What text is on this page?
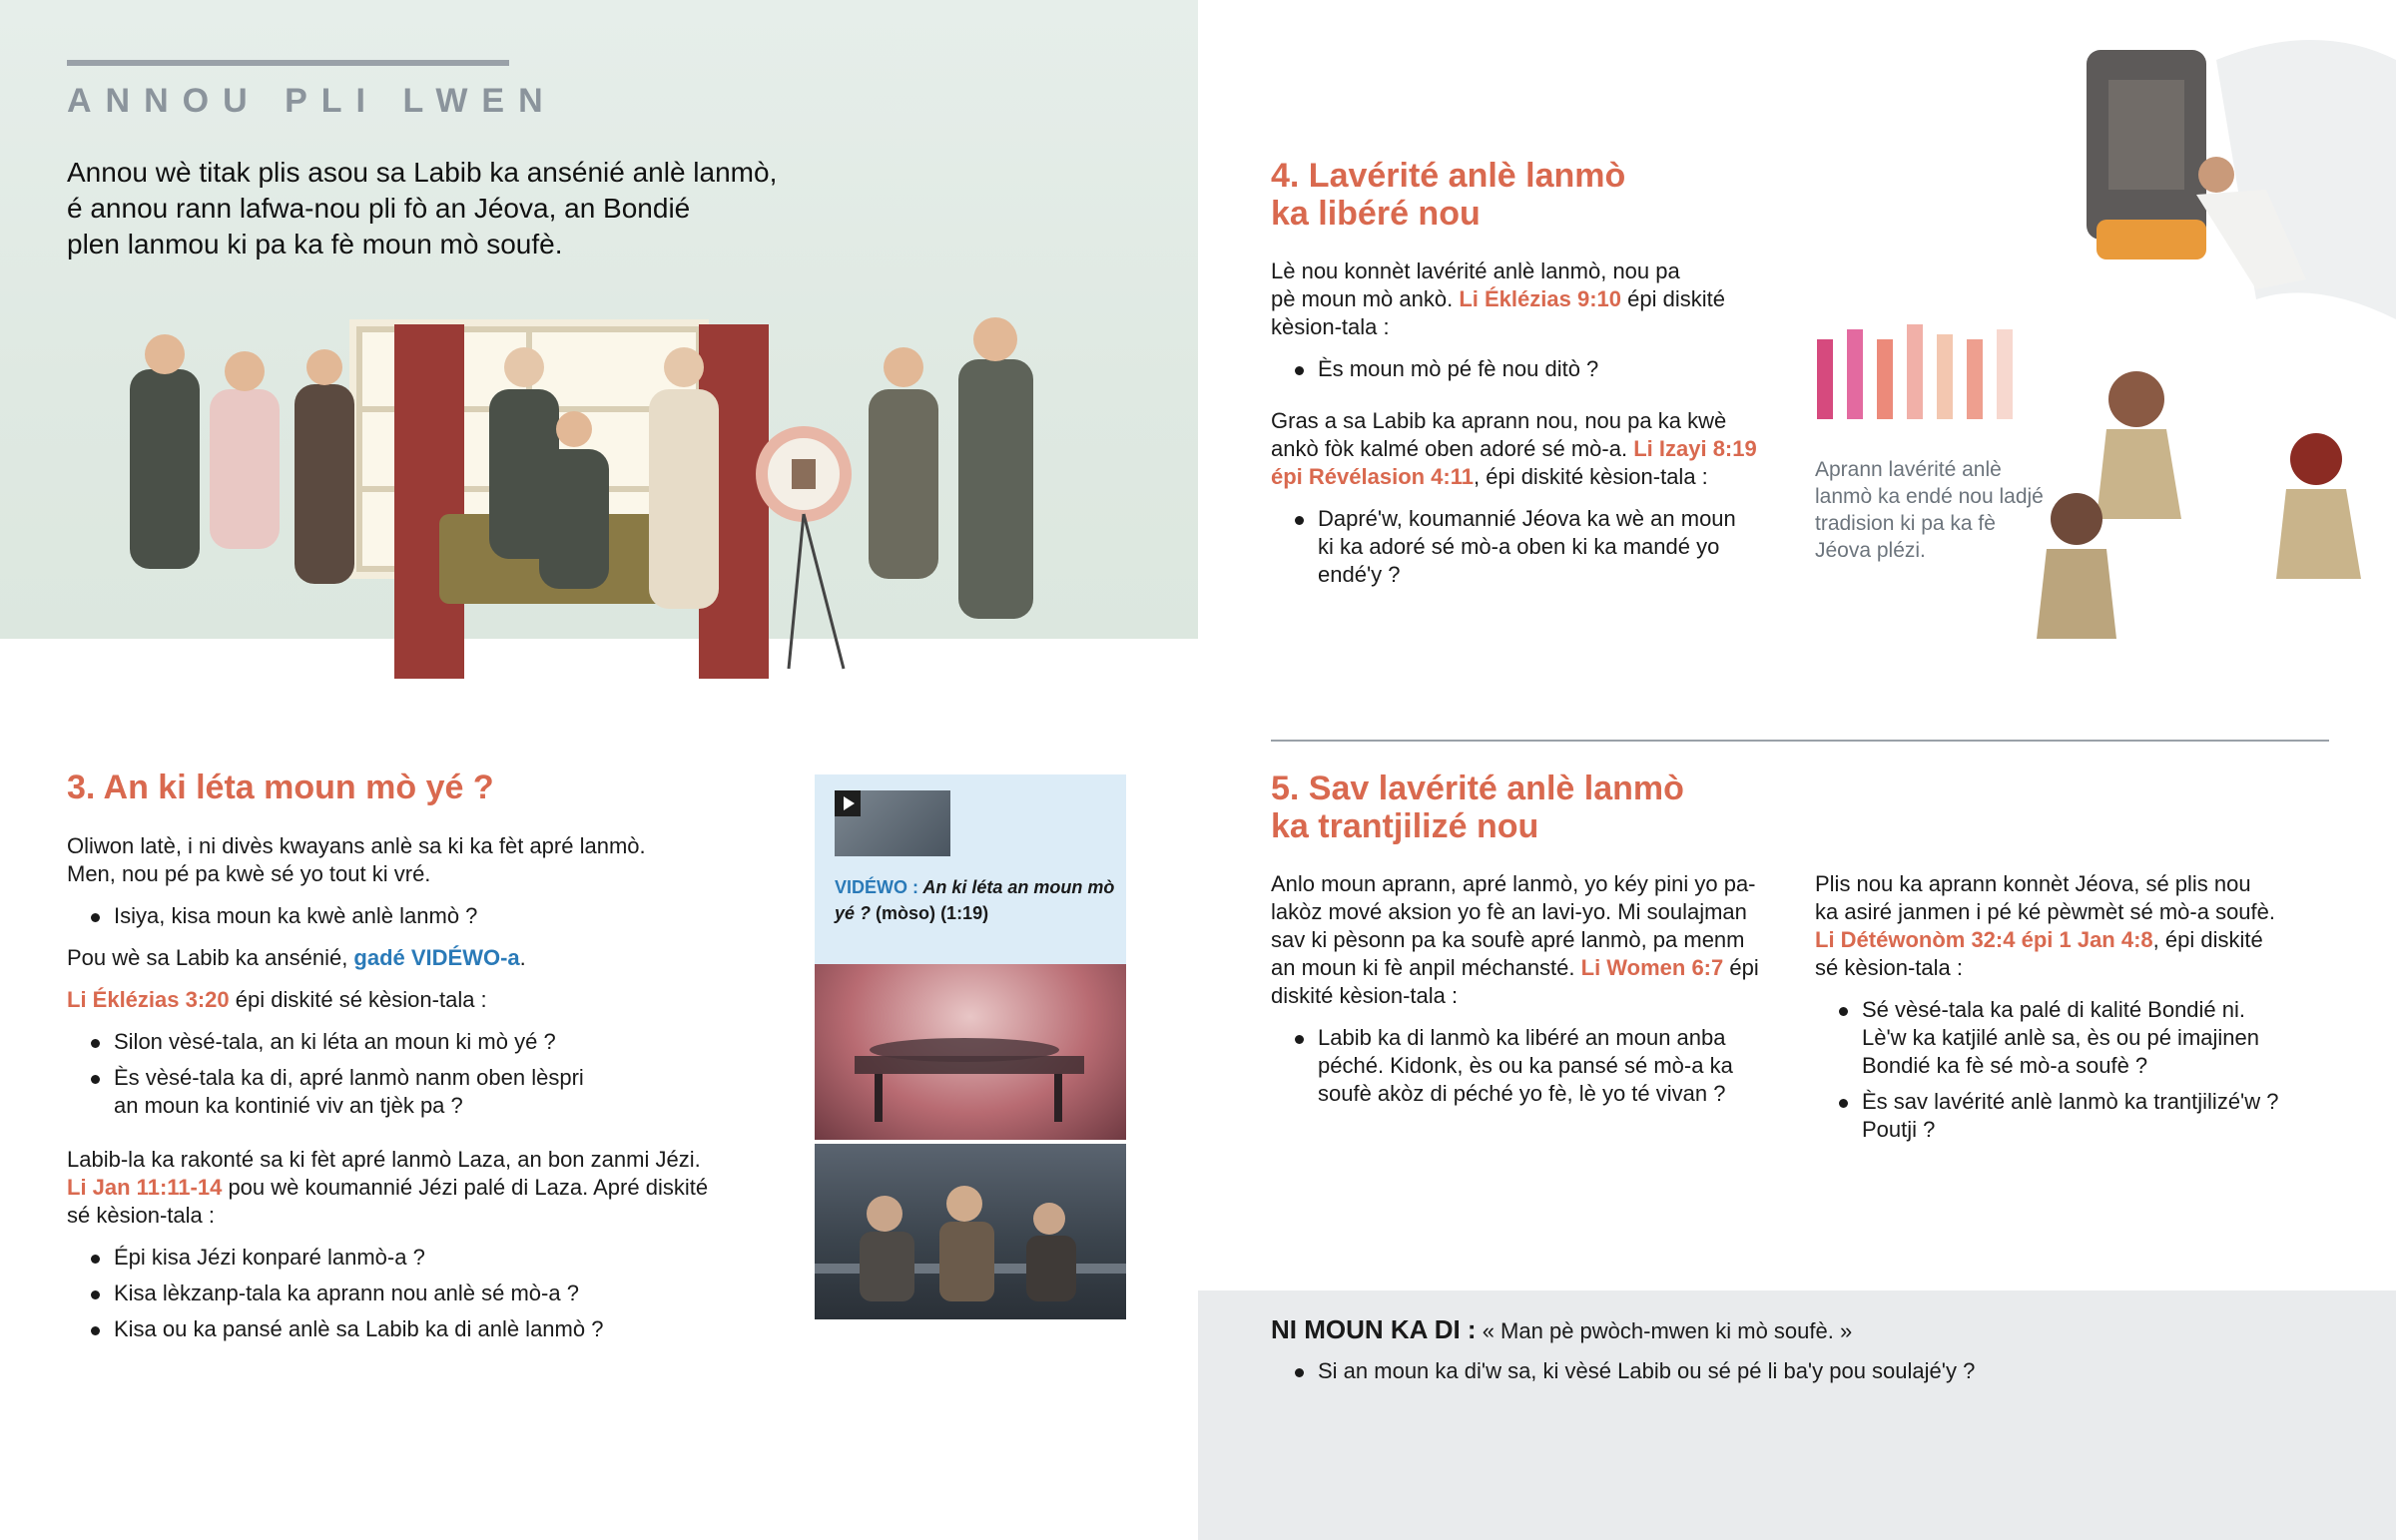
ANNOU PLI LWEN
Annou wè titak plis asou sa Labib ka ansénié anlè lanmò,
é annou rann lafwa-nou pli fò an Jéova, an Bondié
plen lanmou ki pa ka fè moun mò soufè.
3. An ki léta moun mò yé ?

Oliwon latè, i ni divès kwayans anlè sa ki ka fèt apré lanmò.
Men, nou pé pa kwè sé yo tout ki vré.

Isiya, kisa moun ka kwè anlè lanmò ?

Pou wè sa Labib ka ansénié, gadé VIDÉWO-a.

Li Éklézias 3:20 épi diskité sé kèsion-tala :

Silon vèsé-tala, an ki léta an moun ki mò yé ?
Ès vèsé-tala ka di, apré lanmò nanm oben lèspri
an moun ka kontinié viv an tjèk pa ?

Labib-la ka rakonté sa ki fèt apré lanmò Laza, an bon zanmi Jézi.
Li Jan 11:11-14 pou wè koumannié Jézi palé di Laza. Apré diskité
sé kèsion-tala :

Épi kisa Jézi konparé lanmò-a ?
Kisa lèkzanp-tala ka aprann nou anlè sé mò-a ?
Kisa ou ka pansé anlè sa Labib ka di anlè lanmò ?
VIDÉWO : An ki léta an moun mò yé ? (mòso) (1:19)
4. Lavérité anlè lanmò
ka libéré nou

Lè nou konnèt lavérité anlè lanmò, nou pa
pè moun mò ankò. Li Éklézias 9:10 épi diskité
kèsion-tala :

Ès moun mò pé fè nou ditò ?

Gras a sa Labib ka aprann nou, nou pa ka kwè
ankò fòk kalmé oben adoré sé mò-a. Li Izayi 8:19
épi Révélasion 4:11, épi diskité kèsion-tala :

Dapré'w, koumannié Jéova ka wè an moun
ki ka adoré sé mò-a oben ki ka mandé yo
endé'y ?
Aprann lavérité anlè lanmò ka endé nou ladjé tradision ki pa ka fè Jéova plézi.
5. Sav lavérité anlè lanmò
ka trantjilizé nou

Anlo moun aprann, apré lanmò, yo kéy pini yo pa-
lakòz mové aksion yo fè an lavi-yo. Mi soulajman
sav ki pèsonn pa ka soufè apré lanmò, pa menm
an moun ki fè anpil méchansté. Li Women 6:7 épi
diskité kèsion-tala :

Labib ka di lanmò ka libéré an moun anba
péché. Kidonk, ès ou ka pansé sé mò-a ka
soufè akòz di péché yo fè, lè yo té vivan ?

Plis nou ka aprann konnèt Jéova, sé plis nou
ka asiré janmen i pé ké pèwmèt sé mò-a soufè.
Li Détéwonòm 32:4 épi 1 Jan 4:8, épi diskité
sé kèsion-tala :

Sé vèsé-tala ka palé di kalité Bondié ni.
Lè'w ka katjilé anlè sa, ès ou pé imajinen
Bondié ka fè sé mò-a soufè ?
Ès sav lavérité anlè lanmò ka trantjilizé'w ?
Poutji ?
NI MOUN KA DI : « Man pè pwòch-mwen ki mò soufè. »
Si an moun ka di'w sa, ki vèsé Labib ou sé pé li ba'y pou soulajé'y ?
